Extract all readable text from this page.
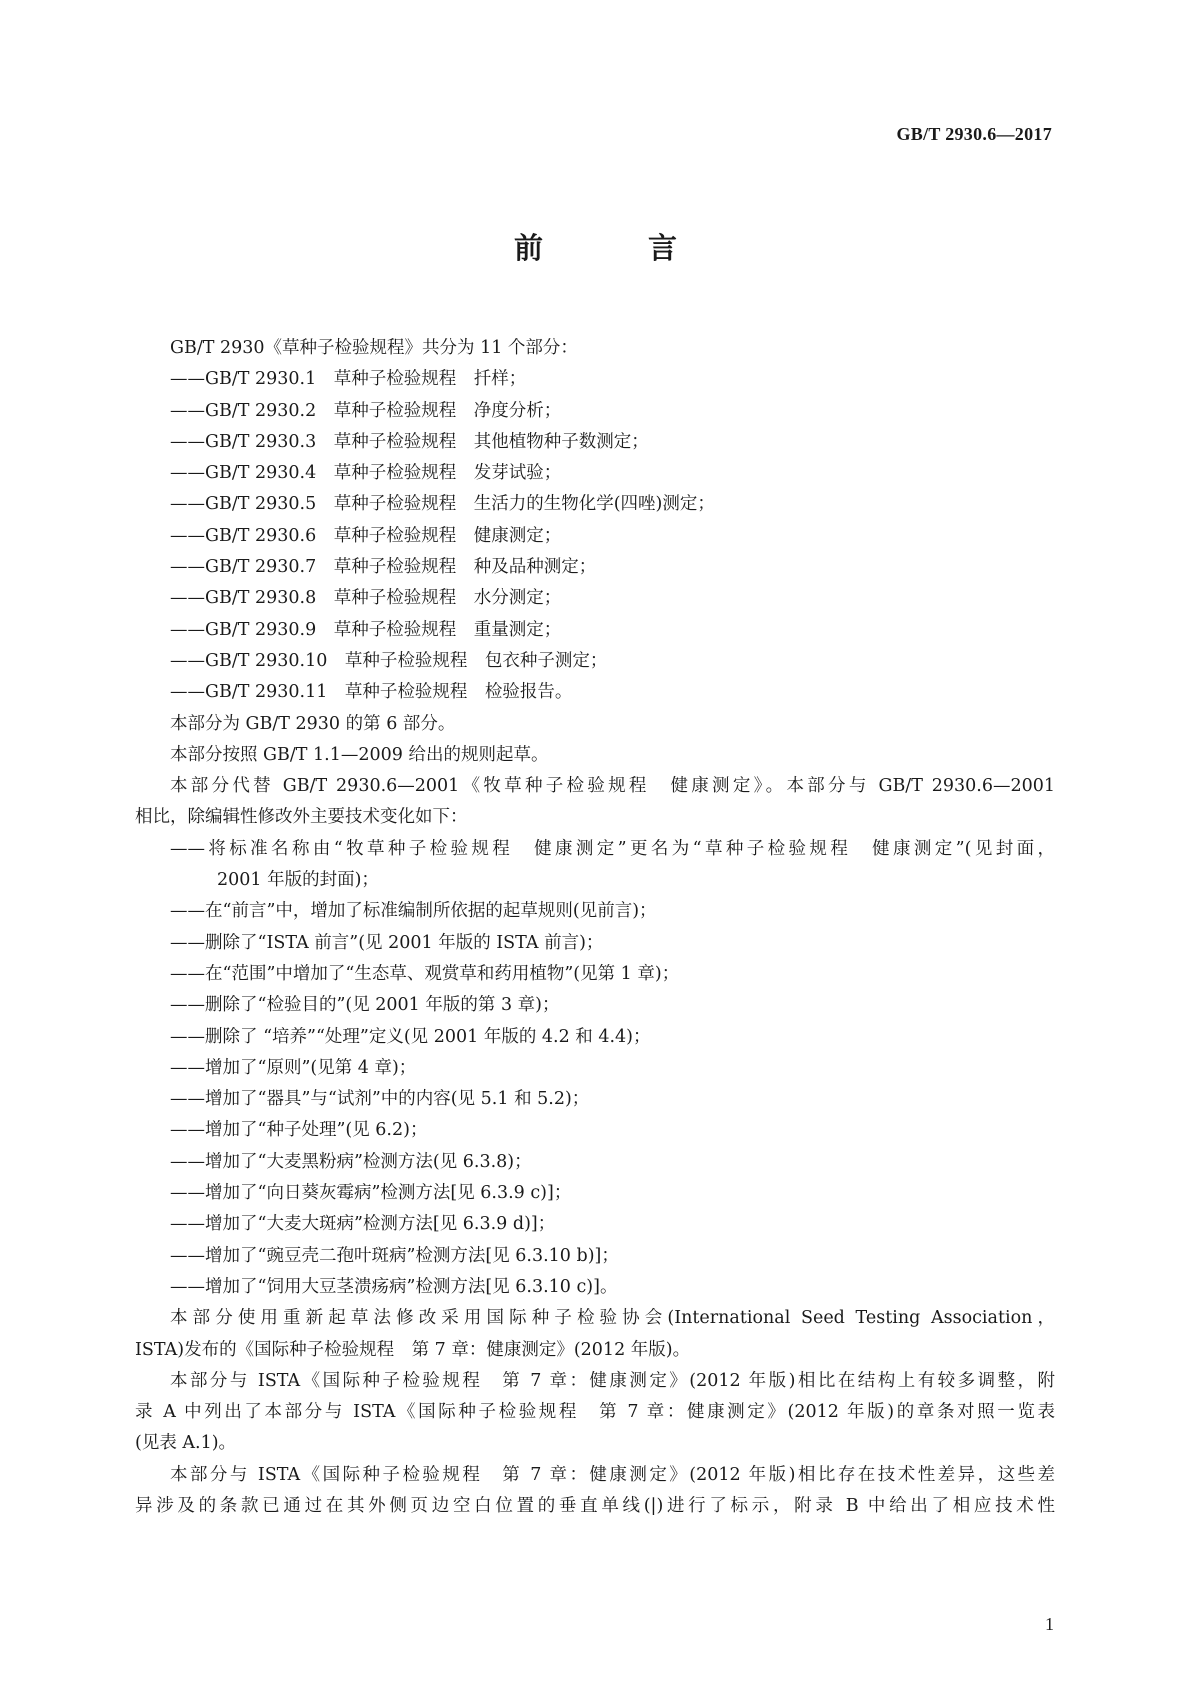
GB/T 2930.6—2017
前　言
GB/T 2930《草种子检验规程》共分为 11 个部分：
——GB/T 2930.1　草种子检验规程　扦样；
——GB/T 2930.2　草种子检验规程　净度分析；
——GB/T 2930.3　草种子检验规程　其他植物种子数测定；
——GB/T 2930.4　草种子检验规程　发芽试验；
——GB/T 2930.5　草种子检验规程　生活力的生物化学(四唑)测定；
——GB/T 2930.6　草种子检验规程　健康测定；
——GB/T 2930.7　草种子检验规程　种及品种测定；
——GB/T 2930.8　草种子检验规程　水分测定；
——GB/T 2930.9　草种子检验规程　重量测定；
——GB/T 2930.10　草种子检验规程　包衣种子测定；
——GB/T 2930.11　草种子检验规程　检验报告。
本部分为 GB/T 2930 的第 6 部分。
本部分按照 GB/T 1.1—2009 给出的规则起草。
本部分代替 GB/T 2930.6—2001《牧草种子检验规程　健康测定》。本部分与 GB/T 2930.6—2001
相比，除编辑性修改外主要技术变化如下：
——将标准名称由“牧草种子检验规程　健康测定”更名为“草种子检验规程　健康测定”(见封面，
2001 年版的封面)；
——在“前言”中，增加了标准编制所依据的起草规则(见前言)；
——删除了“ISTA 前言”(见 2001 年版的 ISTA 前言)；
——在“范围”中增加了“生态草、观赏草和药用植物”(见第 1 章)；
——删除了“检验目的”(见 2001 年版的第 3 章)；
——删除了 “培养”“处理”定义(见 2001 年版的 4.2 和 4.4)；
——增加了“原则”(见第 4 章)；
——增加了“器具”与“试剂”中的内容(见 5.1 和 5.2)；
——增加了“种子处理”(见 6.2)；
——增加了“大麦黑粉病”检测方法(见 6.3.8)；
——增加了“向日葵灰霉病”检测方法[见 6.3.9 c)]；
——增加了“大麦大斑病”检测方法[见 6.3.9 d)]；
——增加了“豌豆壳二孢叶斑病”检测方法[见 6.3.10 b)]；
——增加了“饲用大豆茎溃疡病”检测方法[见 6.3.10 c)]。
本部分使用重新起草法修改采用国际种子检验协会(International Seed Testing Association，
ISTA)发布的《国际种子检验规程　第 7 章：健康测定》(2012 年版)。
本部分与 ISTA《国际种子检验规程　第 7 章：健康测定》(2012 年版)相比在结构上有较多调整，附
录 A 中列出了本部分与 ISTA《国际种子检验规程　第 7 章：健康测定》(2012 年版)的章条对照一览表
(见表 A.1)。
本部分与 ISTA《国际种子检验规程　第 7 章：健康测定》(2012 年版)相比存在技术性差异，这些差
异涉及的条款已通过在其外侧页边空白位置的垂直单线(|)进行了标示，附录 B 中给出了相应技术性
1
